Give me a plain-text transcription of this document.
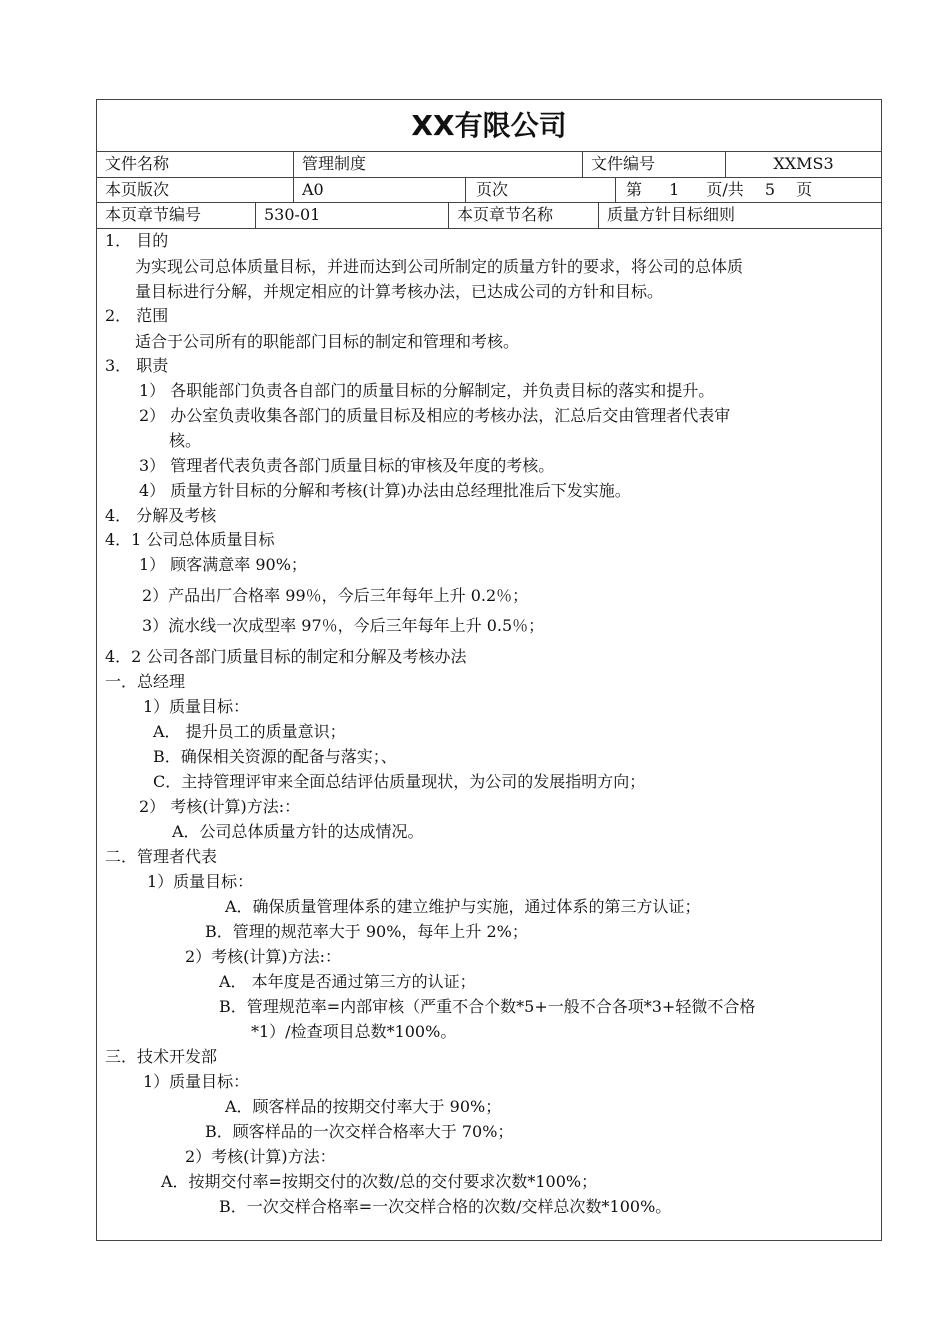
XX有限公司
文件名称	管理制度	文件编号	XXMS3
本页版次	A0	页次	第 1 页/共 5 页
本页章节编号	530-01	本页章节名称	质量方针目标细则
1． 目的
为实现公司总体质量目标，并进而达到公司所制定的质量方针的要求，将公司的总体质
量目标进行分解，并规定相应的计算考核办法，已达成公司的方针和目标。
2． 范围
适合于公司所有的职能部门目标的制定和管理和考核。
3． 职责
1） 各职能部门负责各自部门的质量目标的分解制定，并负责目标的落实和提升。
2） 办公室负责收集各部门的质量目标及相应的考核办法，汇总后交由管理者代表审
核。
3） 管理者代表负责各部门质量目标的审核及年度的考核。
4） 质量方针目标的分解和考核(计算)办法由总经理批准后下发实施。
4． 分解及考核
4．1 公司总体质量目标
1） 顾客满意率 90%；
2）产品出厂合格率 99％，今后三年每年上升 0.2％；
3）流水线一次成型率 97％，今后三年每年上升 0.5％；
4．2 公司各部门质量目标的制定和分解及考核办法
一．总经理
1）质量目标：
A． 提升员工的质量意识；
B．确保相关资源的配备与落实；、
C．主持管理评审来全面总结评估质量现状，为公司的发展指明方向；
2） 考核(计算)方法:：
A．公司总体质量方针的达成情况。
二．管理者代表
1）质量目标：
A．确保质量管理体系的建立维护与实施，通过体系的第三方认证；
B．管理的规范率大于 90%，每年上升 2%；
2）考核(计算)方法:：
A． 本年度是否通过第三方的认证；
B．管理规范率=内部审核（严重不合个数*5+一般不合各项*3+轻微不合格
*1）/检查项目总数*100%。
三．技术开发部
1）质量目标：
A．顾客样品的按期交付率大于 90%；
B．顾客样品的一次交样合格率大于 70%；
2）考核(计算)方法：
A．按期交付率=按期交付的次数/总的交付要求次数*100%；
B．一次交样合格率=一次交样合格的次数/交样总次数*100%。
